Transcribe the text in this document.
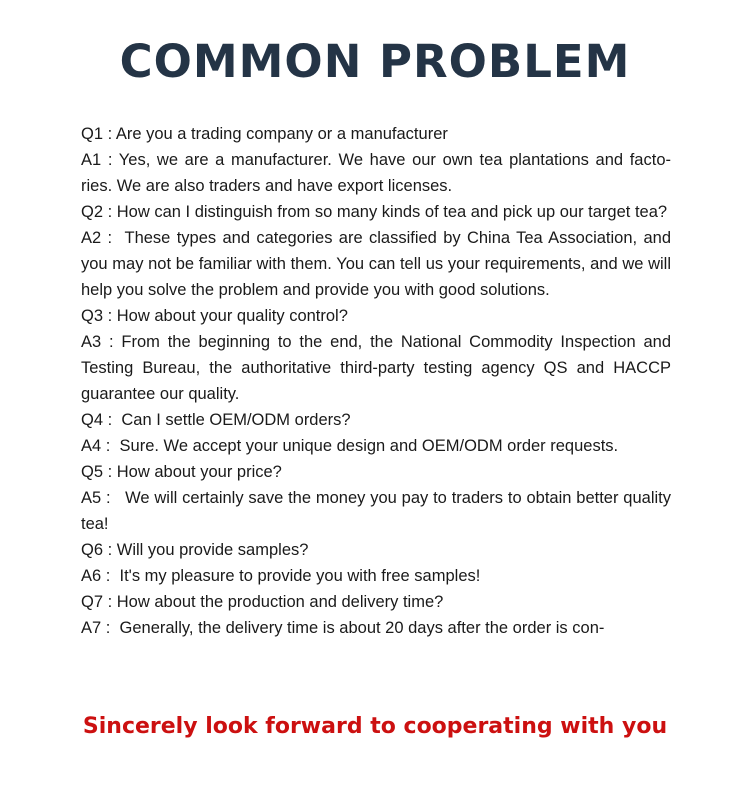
COMMON PROBLEM

Q1 : Are you a trading company or a manufacturer

A1 : Yes, we are a manufacturer. We have our own tea plantations and facto-ries. We are also traders and have export licenses.

Q2 : How can I distinguish from so many kinds of tea and pick up our target tea?

A2 :  These types and categories are classified by China Tea Association, and you may not be familiar with them. You can tell us your requirements, and we will help you solve the problem and provide you with good solutions.

Q3 : How about your quality control?

A3 : From the beginning to the end, the National Commodity Inspection and Testing Bureau, the authoritative third-party testing agency QS and HACCP guarantee our quality.

Q4 :  Can I settle OEM/ODM orders?

A4 :  Sure. We accept your unique design and OEM/ODM order requests.

Q5 : How about your price?

A5 :   We will certainly save the money you pay to traders to obtain better quality tea!

Q6 : Will you provide samples?

A6 :  It's my pleasure to provide you with free samples!

Q7 : How about the production and delivery time?

A7 :  Generally, the delivery time is about 20 days after the order is con-

Sincerely look forward to cooperating with you
